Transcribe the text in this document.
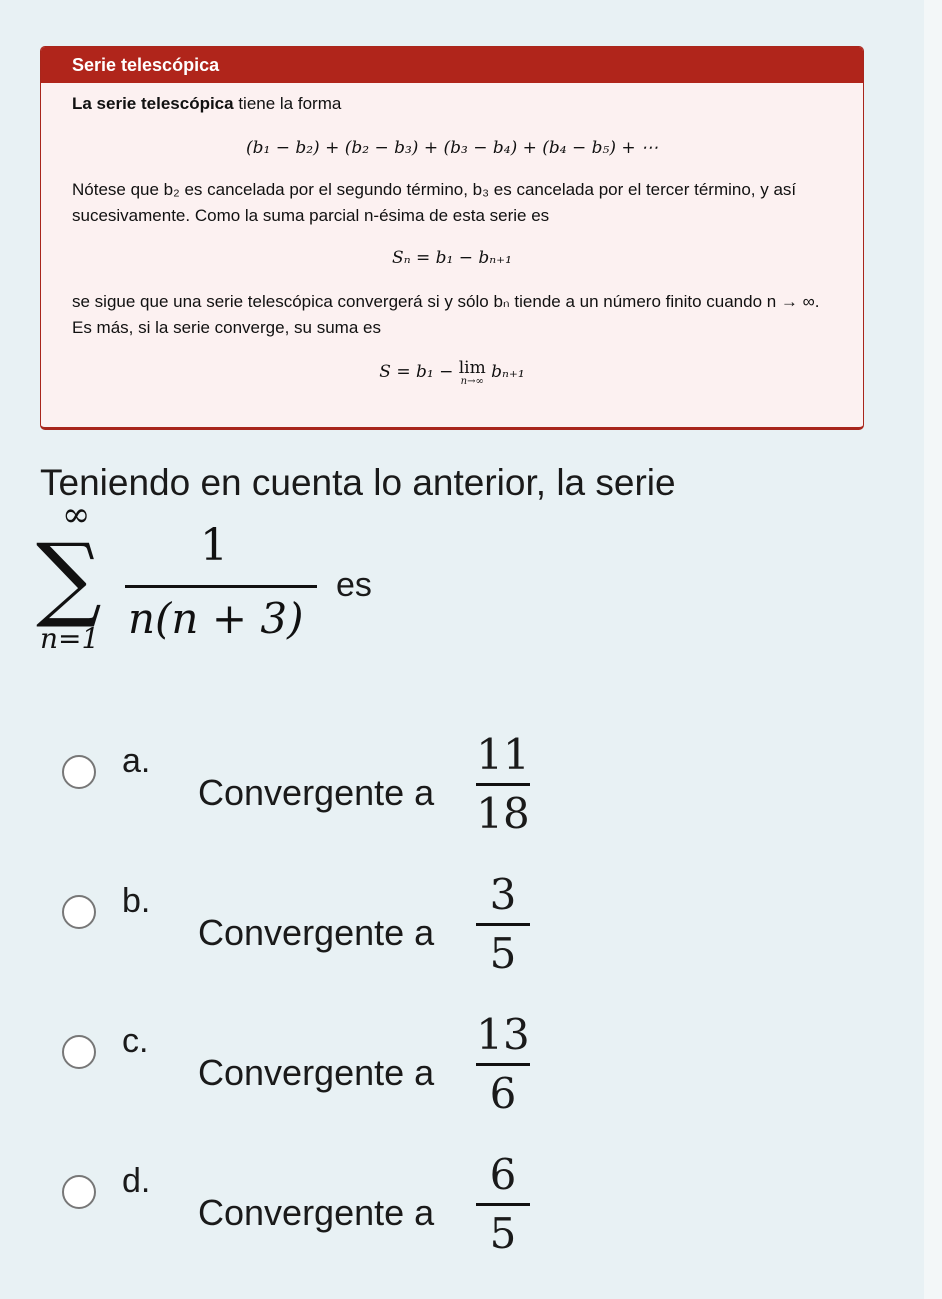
Serie telescópica

La serie telescópica tiene la forma

(b₁ − b₂) + (b₂ − b₃) + (b₃ − b₄) + (b₄ − b₅) + ⋯

Nótese que b₂ es cancelada por el segundo término, b₃ es cancelada por el tercer término, y así sucesivamente. Como la suma parcial n-ésima de esta serie es

Sₙ = b₁ − bₙ₊₁

se sigue que una serie telescópica convergerá si y sólo bₙ tiende a un número finito cuando n → ∞. Es más, si la serie converge, su suma es

S = b₁ − lim
n→∞ bₙ₊₁
Teniendo en cuenta lo anterior, la serie
∞
∑
n=1
1
n(n + 3)
es
a.
Convergente a
11
18
b.
Convergente a
3
5
c.
Convergente a
13
6
d.
Convergente a
6
5
